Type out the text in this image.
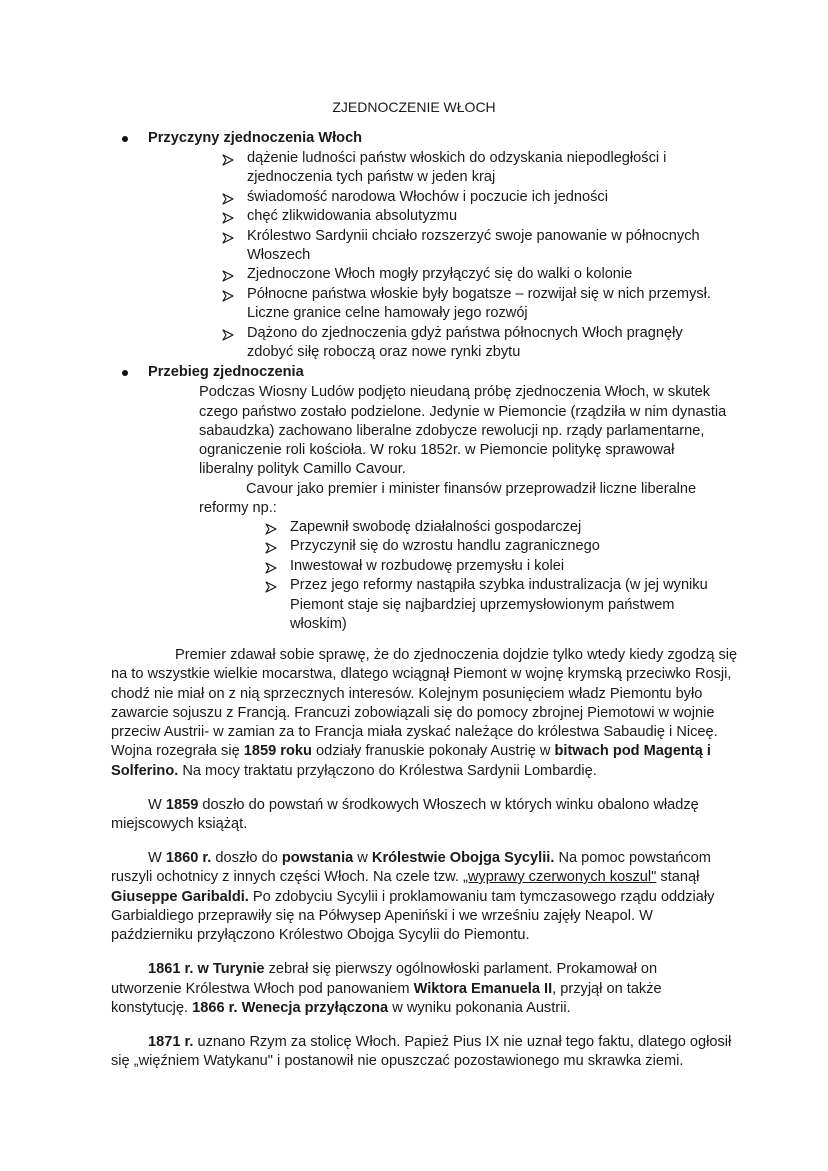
ZJEDNOCZENIE WŁOCH
Przyczyny zjednoczenia Włoch
dążenie ludności państw włoskich do odzyskania niepodległości i
zjednoczenia tych państw w jeden kraj
świadomość narodowa Włochów i poczucie ich jedności
chęć zlikwidowania absolutyzmu
Królestwo Sardynii chciało rozszerzyć swoje panowanie w północnych
Włoszech
Zjednoczone Włoch mogły przyłączyć się do walki o kolonie
Północne państwa włoskie były bogatsze – rozwijał się w nich przemysł.
Liczne granice celne hamowały jego rozwój
Dążono do zjednoczenia gdyż państwa północnych Włoch pragnęły
zdobyć siłę roboczą oraz nowe rynki zbytu
Przebieg zjednoczenia
Podczas Wiosny Ludów podjęto nieudaną próbę zjednoczenia Włoch, w skutek
czego państwo zostało podzielone. Jedynie w Piemoncie (rządziła w nim dynastia
sabaudzka) zachowano liberalne zdobycze rewolucji np. rządy parlamentarne,
ograniczenie roli kościoła. W roku 1852r. w Piemoncie politykę sprawował
liberalny polityk Camillo Cavour.
Cavour jako premier i minister finansów przeprowadził liczne liberalne
reformy np.:
Zapewnił swobodę działalności gospodarczej
Przyczynił się do wzrostu handlu zagranicznego
Inwestował w rozbudowę przemysłu i kolei
Przez jego reformy nastąpiła szybka industralizacja (w jej wyniku
Piemont staje się najbardziej uprzemysłowionym państwem
włoskim)
Premier zdawał sobie sprawę, że do zjednoczenia dojdzie tylko wtedy kiedy zgodzą się
na to wszystkie wielkie mocarstwa, dlatego wciągnął Piemont w wojnę krymską przeciwko Rosji,
chodź nie miał on z nią sprzecznych interesów. Kolejnym posunięciem władz Piemontu było
zawarcie sojuszu z Francją. Francuzi zobowiązali się do pomocy zbrojnej Piemotowi w wojnie
przeciw Austrii- w zamian za to Francja miała zyskać należące do królestwa Sabaudię i Niceę.
Wojna rozegrała się 1859 roku odziały franuskie pokonały Austrię w bitwach pod Magentą i
Solferino. Na mocy traktatu przyłączono do Królestwa Sardynii Lombardię.
W 1859 doszło do powstań w środkowych Włoszech w których winku obalono władzę
miejscowych książąt.
W 1860 r. doszło do powstania w Królestwie Obojga Sycylii. Na pomoc powstańcom
ruszyli ochotnicy z innych części Włoch. Na czele tzw. „wyprawy czerwonych koszul" stanął
Giuseppe Garibaldi. Po zdobyciu Sycylii i proklamowaniu tam tymczasowego rządu oddziały
Garbialdiego przeprawiły się na Półwysep Apeniński i we wrześniu zajęły Neapol. W
październiku przyłączono Królestwo Obojga Sycylii do Piemontu.
1861 r. w Turynie zebrał się pierwszy ogólnowłoski parlament. Prokamował on
utworzenie Królestwa Włoch pod panowaniem Wiktora Emanuela II, przyjął on także
konstytucję. 1866 r. Wenecja przyłączona w wyniku pokonania Austrii.
1871 r. uznano Rzym za stolicę Włoch. Papież Pius IX nie uznał tego faktu, dlatego ogłosił
się „więźniem Watykanu" i postanowił nie opuszczać pozostawionego mu skrawka ziemi.
